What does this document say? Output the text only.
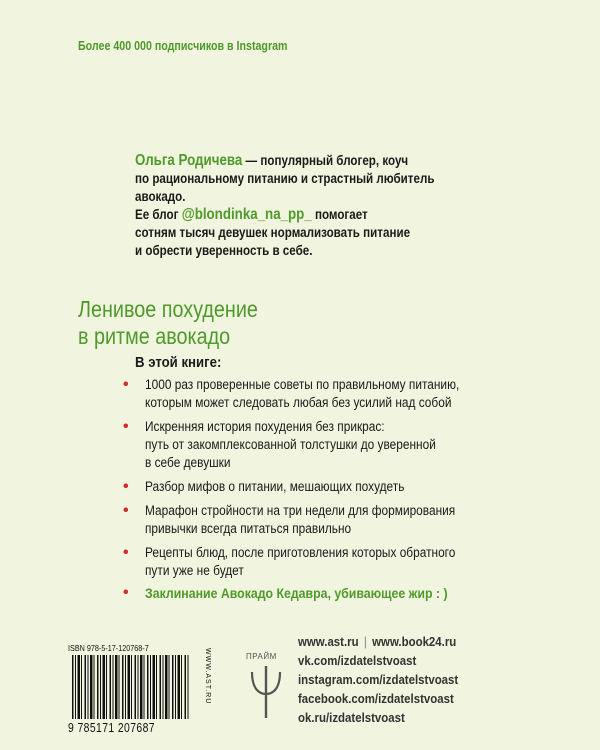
Более 400 000 подписчиков в Instagram
Ольга Родичева — популярный блогер, коуч
по рациональному питанию и страстный любитель
авокадо.
Ее блог @blondinka_na_pp_ помогает
сотням тысяч девушек нормализовать питание
и обрести уверенность в себе.
Ленивое похудение
в ритме авокадо
В этой книге:
• 1000 раз проверенные советы по правильному питанию,
которым может следовать любая без усилий над собой
• Искренняя история похудения без прикрас:
путь от закомплексованной толстушки до уверенной
в себе девушки
• Разбор мифов о питании, мешающих похудеть
• Марафон стройности на три недели для формирования
привычки всегда питаться правильно
• Рецепты блюд, после приготовления которых обратного
пути уже не будет
• Заклинание Авокадо Кедавра, убивающее жир : )
ISBN 978-5-17-120768-7
9 785171 207687
WWW.AST.RU	ПРАЙМ
www.ast.ru | www.book24.ru
vk.com/izdatelstvoast
instagram.com/izdatelstvoast
facebook.com/izdatelstvoast
ok.ru/izdatelstvoast
